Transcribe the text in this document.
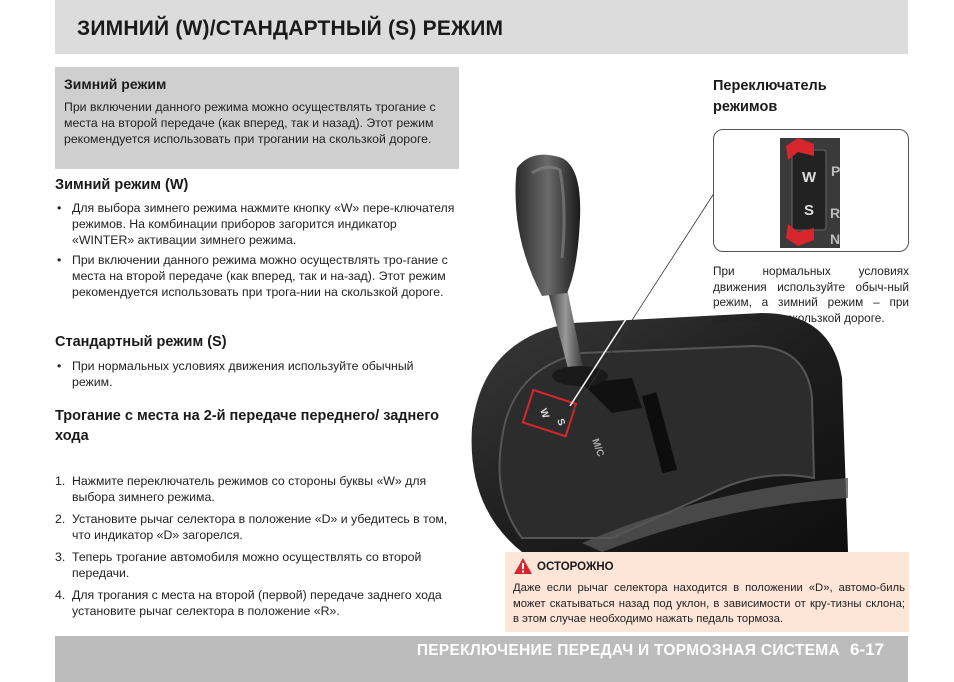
ЗИМНИЙ (W)/СТАНДАРТНЫЙ (S) РЕЖИМ
Зимний режим
При включении данного режима можно осуществлять трогание с места на второй передаче (как вперед, так и назад). Этот режим рекомендуется использовать при трогании на скользкой дороге.
Зимний режим (W)
• Для выбора зимнего режима нажмите кнопку «W» пере-ключателя режимов. На комбинации приборов загорится индикатор «WINTER» активации зимнего режима.
• При включении данного режима можно осуществлять тро-гание с места на второй передаче (как вперед, так и на-зад). Этот режим рекомендуется использовать при трога-нии на скользкой дороге.
Стандартный режим (S)
• При нормальных условиях движения используйте обычный режим.
Трогание с места на 2-й передаче переднего/ заднего хода
1. Нажмите переключатель режимов со стороны буквы «W» для выбора зимнего режима.
2. Установите рычаг селектора в положение «D» и убедитесь в том, что индикатор «D» загорелся.
3. Теперь трогание автомобиля можно осуществлять со второй передачи.
4. Для трогания с места на второй (первой) передаче заднего хода установите рычаг селектора в положение «R».
W
S
M/C
Переключатель
режимов
W
S
P
R
N
При нормальных условиях движения используйте обыч-ный режим, а зимний режим – при движении на скользкой дороге.
ОСТОРОЖНО
Даже если рычаг селектора находится в положении «D», автомо-биль может скатываться назад под уклон, в зависимости от кру-тизны склона; в этом случае необходимо нажать педаль тормоза.
ПЕРЕКЛЮЧЕНИЕ ПЕРЕДАЧ И ТОРМОЗНАЯ СИСТЕМА 6-17
